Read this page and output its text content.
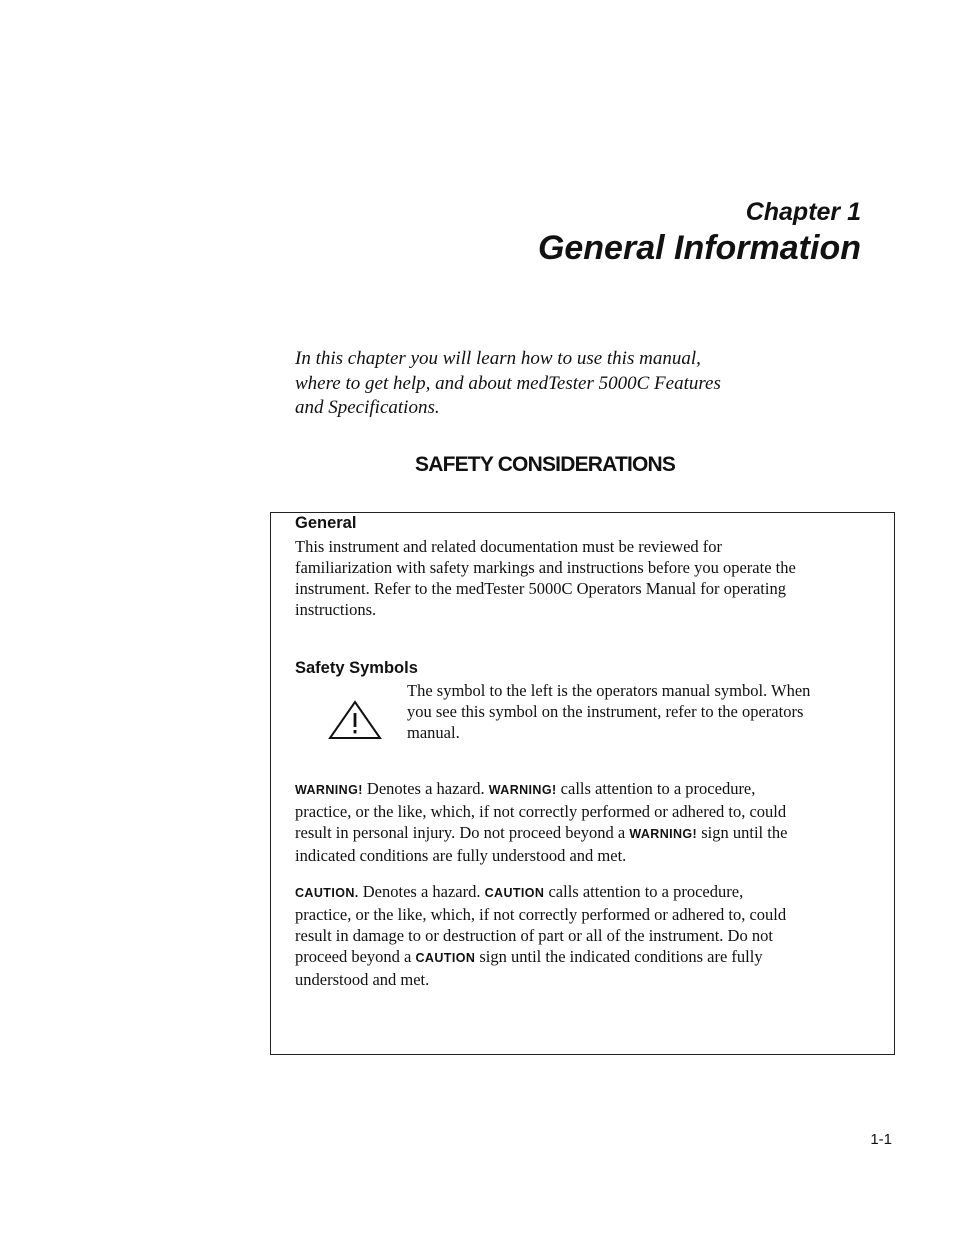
Chapter 1
General Information
In this chapter you will learn how to use this manual,
where to get help, and about medTester 5000C Features
and Specifications.
SAFETY CONSIDERATIONS
General
This instrument and related documentation must be reviewed for
familiarization with safety markings and instructions before you operate the
instrument. Refer to the medTester 5000C Operators Manual for operating
instructions.
Safety Symbols
The symbol to the left is the operators manual symbol. When
you see this symbol on the instrument, refer to the operators
manual.
WARNING! Denotes a hazard. WARNING! calls attention to a procedure,
practice, or the like, which, if not correctly performed or adhered to, could
result in personal injury. Do not proceed beyond a WARNING! sign until the
indicated conditions are fully understood and met.
CAUTION. Denotes a hazard. CAUTION calls attention to a procedure,
practice, or the like, which, if not correctly performed or adhered to, could
result in damage to or destruction of part or all of the instrument. Do not
proceed beyond a CAUTION sign until the indicated conditions are fully
understood and met.
1-1
